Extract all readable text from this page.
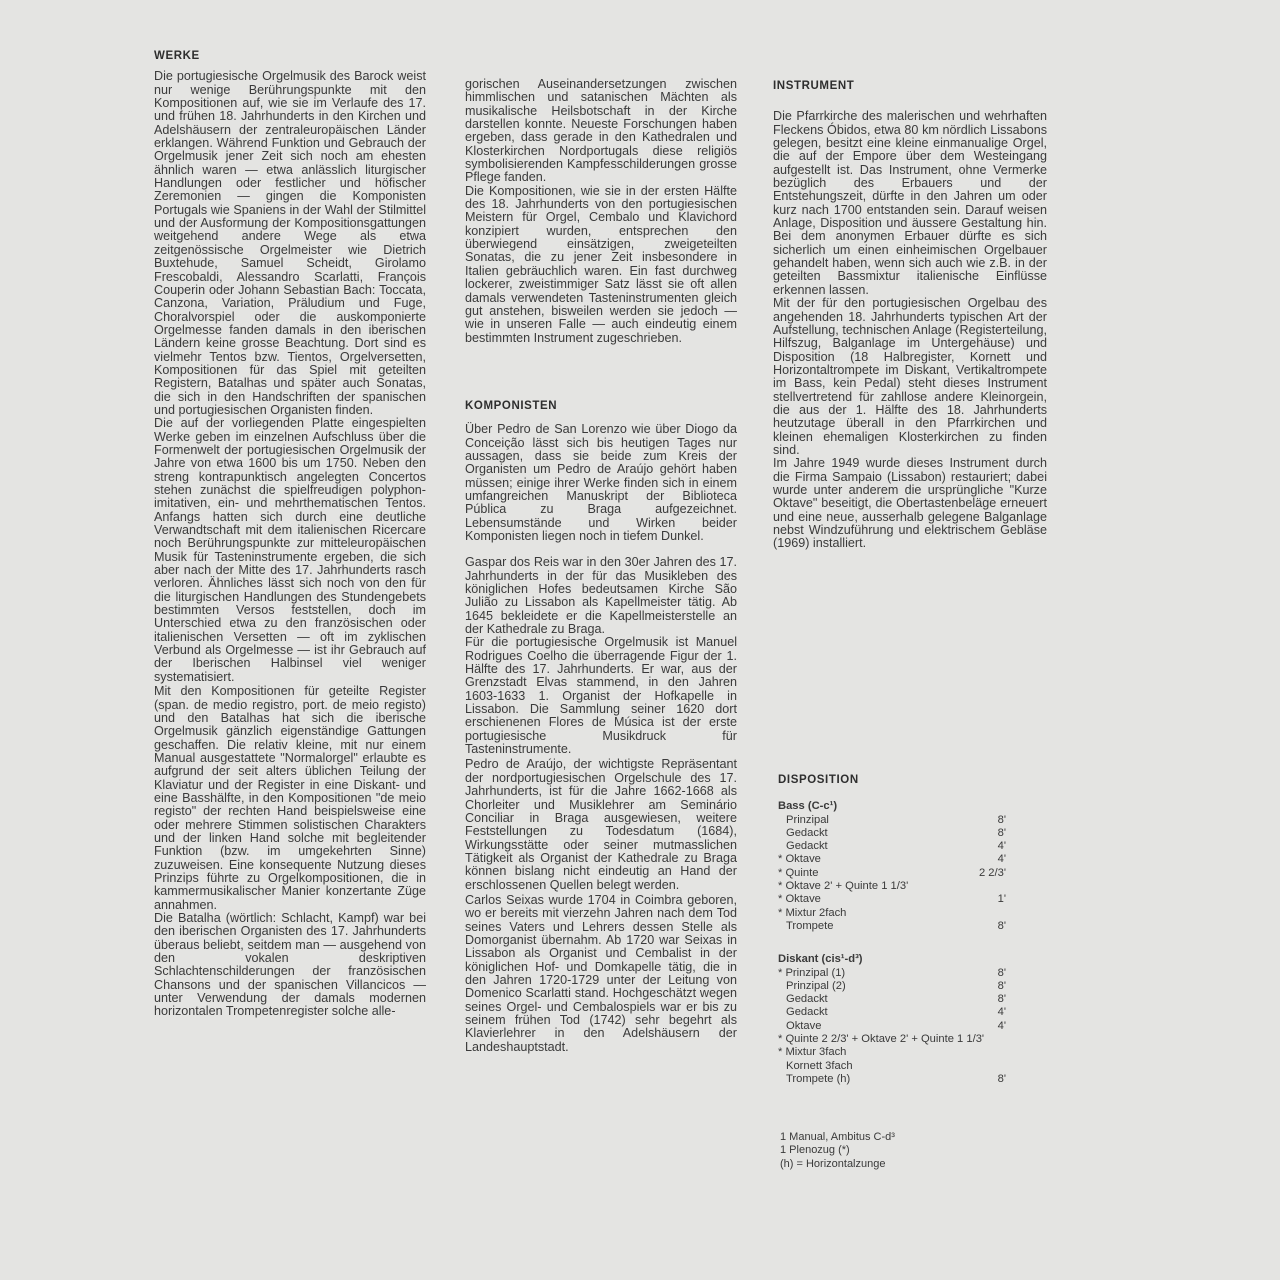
WERKE

Die portugiesische Orgelmusik des Barock weist nur wenige Berührungspunkte mit den Kompositionen auf, wie sie im Verlaufe des 17. und frühen 18. Jahrhunderts in den Kirchen und Adelshäusern der zentraleuropäischen Länder erklangen. Während Funktion und Gebrauch der Orgelmusik jener Zeit sich noch am ehesten ähnlich waren — etwa anlässlich liturgischer Handlungen oder festlicher und höfischer Zeremonien — gingen die Komponisten Portugals wie Spaniens in der Wahl der Stilmittel und der Ausformung der Kompositionsgattungen weitgehend andere Wege als etwa zeitgenössische Orgelmeister wie Dietrich Buxtehude, Samuel Scheidt, Girolamo Frescobaldi, Alessandro Scarlatti, François Couperin oder Johann Sebastian Bach: Toccata, Canzona, Variation, Präludium und Fuge, Choralvorspiel oder die auskomponierte Orgelmesse fanden damals in den iberischen Ländern keine grosse Beachtung. Dort sind es vielmehr Tentos bzw. Tientos, Orgelversetten, Kompositionen für das Spiel mit geteilten Registern, Batalhas und später auch Sonatas, die sich in den Handschriften der spanischen und portugiesischen Organisten finden.

Die auf der vorliegenden Platte eingespielten Werke geben im einzelnen Aufschluss über die Formenwelt der portugiesischen Orgelmusik der Jahre von etwa 1600 bis um 1750. Neben den streng kontrapunktisch angelegten Concertos stehen zunächst die spielfreudigen polyphon-imitativen, ein- und mehrthematischen Tentos. Anfangs hatten sich durch eine deutliche Verwandtschaft mit dem italienischen Ricercare noch Berührungspunkte zur mitteleuropäischen Musik für Tasteninstrumente ergeben, die sich aber nach der Mitte des 17. Jahrhunderts rasch verloren. Ähnliches lässt sich noch von den für die liturgischen Handlungen des Stundengebets bestimmten Versos feststellen, doch im Unterschied etwa zu den französischen oder italienischen Versetten — oft im zyklischen Verbund als Orgelmesse — ist ihr Gebrauch auf der Iberischen Halbinsel viel weniger systematisiert.

Mit den Kompositionen für geteilte Register (span. de medio registro, port. de meio registo) und den Batalhas hat sich die iberische Orgelmusik gänzlich eigenständige Gattungen geschaffen. Die relativ kleine, mit nur einem Manual ausgestattete "Normalorgel" erlaubte es aufgrund der seit alters üblichen Teilung der Klaviatur und der Register in eine Diskant- und eine Basshälfte, in den Kompositionen "de meio registo" der rechten Hand beispielsweise eine oder mehrere Stimmen solistischen Charakters und der linken Hand solche mit begleitender Funktion (bzw. im umgekehrten Sinne) zuzuweisen. Eine konsequente Nutzung dieses Prinzips führte zu Orgelkompositionen, die in kammermusikalischer Manier konzertante Züge annahmen.

Die Batalha (wörtlich: Schlacht, Kampf) war bei den iberischen Organisten des 17. Jahrhunderts überaus beliebt, seitdem man — ausgehend von den vokalen deskriptiven Schlachtenschilderungen der französischen Chansons und der spanischen Villancicos — unter Verwendung der damals modernen horizontalen Trompetenregister solche alle-

gorischen Auseinandersetzungen zwischen himmlischen und satanischen Mächten als musikalische Heilsbotschaft in der Kirche darstellen konnte. Neueste Forschungen haben ergeben, dass gerade in den Kathedralen und Klosterkirchen Nordportugals diese religiös symbolisierenden Kampfesschilderungen grosse Pflege fanden.

Die Kompositionen, wie sie in der ersten Hälfte des 18. Jahrhunderts von den portugiesischen Meistern für Orgel, Cembalo und Klavichord konzipiert wurden, entsprechen den überwiegend einsätzigen, zweigeteilten Sonatas, die zu jener Zeit insbesondere in Italien gebräuchlich waren. Ein fast durchweg lockerer, zweistimmiger Satz lässt sie oft allen damals verwendeten Tasteninstrumenten gleich gut anstehen, bisweilen werden sie jedoch — wie in unseren Falle — auch eindeutig einem bestimmten Instrument zugeschrieben.

KOMPONISTEN

Über Pedro de San Lorenzo wie über Diogo da Conceição lässt sich bis heutigen Tages nur aussagen, dass sie beide zum Kreis der Organisten um Pedro de Araújo gehört haben müssen; einige ihrer Werke finden sich in einem umfangreichen Manuskript der Biblioteca Pública zu Braga aufgezeichnet. Lebensumstände und Wirken beider Komponisten liegen noch in tiefem Dunkel.

Gaspar dos Reis war in den 30er Jahren des 17. Jahrhunderts in der für das Musikleben des königlichen Hofes bedeutsamen Kirche São Julião zu Lissabon als Kapellmeister tätig. Ab 1645 bekleidete er die Kapellmeisterstelle an der Kathedrale zu Braga.

Für die portugiesische Orgelmusik ist Manuel Rodrigues Coelho die überragende Figur der 1. Hälfte des 17. Jahrhunderts. Er war, aus der Grenzstadt Elvas stammend, in den Jahren 1603-1633 1. Organist der Hofkapelle in Lissabon. Die Sammlung seiner 1620 dort erschienenen Flores de Música ist der erste portugiesische Musikdruck für Tasteninstrumente.

Pedro de Araújo, der wichtigste Repräsentant der nordportugiesischen Orgelschule des 17. Jahrhunderts, ist für die Jahre 1662-1668 als Chorleiter und Musiklehrer am Seminário Conciliar in Braga ausgewiesen, weitere Feststellungen zu Todesdatum (1684), Wirkungsstätte oder seiner mutmasslichen Tätigkeit als Organist der Kathedrale zu Braga können bislang nicht eindeutig an Hand der erschlossenen Quellen belegt werden.

Carlos Seixas wurde 1704 in Coimbra geboren, wo er bereits mit vierzehn Jahren nach dem Tod seines Vaters und Lehrers dessen Stelle als Domorganist übernahm. Ab 1720 war Seixas in Lissabon als Organist und Cembalist in der königlichen Hof- und Domkapelle tätig, die in den Jahren 1720-1729 unter der Leitung von Domenico Scarlatti stand. Hochgeschätzt wegen seines Orgel- und Cembalospiels war er bis zu seinem frühen Tod (1742) sehr begehrt als Klavierlehrer in den Adelshäusern der Landeshauptstadt.

INSTRUMENT

Die Pfarrkirche des malerischen und wehrhaften Fleckens Óbidos, etwa 80 km nördlich Lissabons gelegen, besitzt eine kleine einmanualige Orgel, die auf der Empore über dem Westeingang aufgestellt ist. Das Instrument, ohne Vermerke bezüglich des Erbauers und der Entstehungszeit, dürfte in den Jahren um oder kurz nach 1700 entstanden sein. Darauf weisen Anlage, Disposition und äussere Gestaltung hin. Bei dem anonymen Erbauer dürfte es sich sicherlich um einen einheimischen Orgelbauer gehandelt haben, wenn sich auch wie z.B. in der geteilten Bassmixtur italienische Einflüsse erkennen lassen.

Mit der für den portugiesischen Orgelbau des angehenden 18. Jahrhunderts typischen Art der Aufstellung, technischen Anlage (Registerteilung, Hilfszug, Balganlage im Untergehäuse) und Disposition (18 Halbregister, Kornett und Horizontaltrompete im Diskant, Vertikaltrompete im Bass, kein Pedal) steht dieses Instrument stellvertretend für zahllose andere Kleinorgein, die aus der 1. Hälfte des 18. Jahrhunderts heutzutage überall in den Pfarrkirchen und kleinen ehemaligen Klosterkirchen zu finden sind.

Im Jahre 1949 wurde dieses Instrument durch die Firma Sampaio (Lissabon) restauriert; dabei wurde unter anderem die ursprüngliche "Kurze Oktave" beseitigt, die Obertastenbeläge erneuert und eine neue, ausserhalb gelegene Balganlage nebst Windzuführung und elektrischem Gebläse (1969) installiert.

DISPOSITION
Bass (C-c¹)
Prinzipal	8'
Gedackt	8'
Gedackt	4'
* Oktave	4'
* Quinte	2 2/3'
* Oktave 2' + Quinte 1 1/3'
* Oktave	1'
* Mixtur 2fach
Trompete	8'
Diskant (cis¹-d³)
* Prinzipal (1)	8'
Prinzipal (2)	8'
Gedackt	8'
Gedackt	4'
Oktave	4'
* Quinte 2 2/3' + Oktave 2' + Quinte 1 1/3'
* Mixtur 3fach
Kornett 3fach
Trompete (h)	8'
1 Manual, Ambitus C-d³
1 Plenozug (*)
(h) = Horizontalzunge
